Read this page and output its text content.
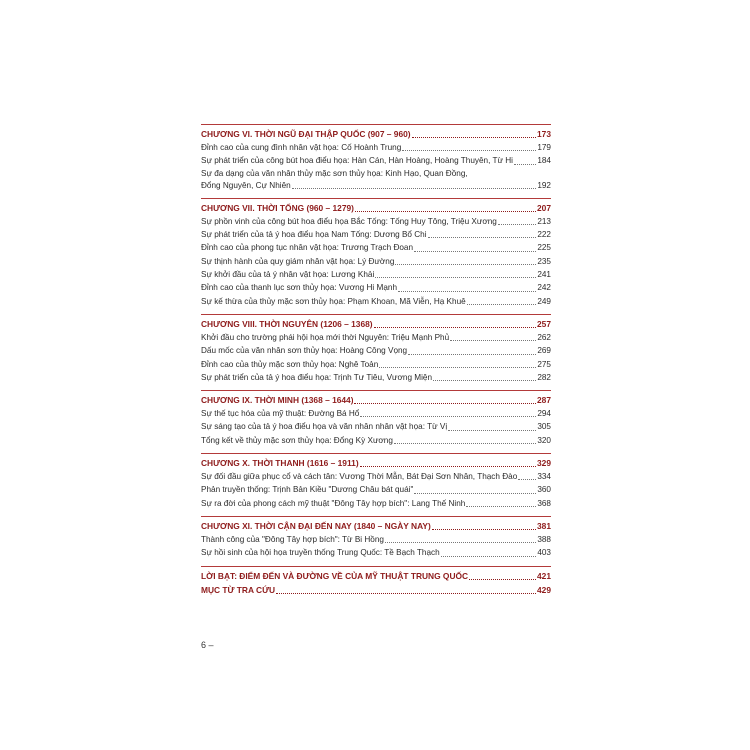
CHƯƠNG VI. THỜI NGŨ ĐẠI THẬP QUỐC (907 – 960)	173
Đỉnh cao của cung đình nhân vật họa: Cố Hoành Trung	179
Sự phát triển của công bút hoa điểu họa: Hàn Cán, Hàn Hoàng, Hoàng Thuyên, Từ Hi	184
Sự đa dạng của văn nhân thủy mặc sơn thủy họa: Kinh Hạo, Quan Đồng,
Đổng Nguyên, Cự Nhiên	192
CHƯƠNG VII. THỜI TỐNG (960 – 1279)	207
Sự phồn vinh của công bút hoa điểu họa Bắc Tống: Tống Huy Tông, Triệu Xương	213
Sự phát triển của tả ý hoa điểu họa Nam Tống: Dương Bổ Chi	222
Đỉnh cao của phong tục nhân vật họa: Trương Trạch Đoan	225
Sự thịnh hành của quy giám nhân vật họa: Lý Đường	235
Sự khởi đầu của tả ý nhân vật họa: Lương Khải	241
Đỉnh cao của thanh lục sơn thủy họa: Vương Hi Mạnh	242
Sự kế thừa của thủy mặc sơn thủy họa: Phạm Khoan, Mã Viễn, Hạ Khuê	249
CHƯƠNG VIII. THỜI NGUYÊN (1206 – 1368)	257
Khởi đầu cho trường phái hội họa mới thời Nguyên: Triệu Mạnh Phủ	262
Dấu mốc của văn nhân sơn thủy họa: Hoàng Công Vọng	269
Đỉnh cao của thủy mặc sơn thủy họa: Nghê Toản	275
Sự phát triển của tả ý hoa điểu họa: Trịnh Tư Tiêu, Vương Miện	282
CHƯƠNG IX. THỜI MINH (1368 – 1644)	287
Sự thế tục hóa của mỹ thuật: Đường Bá Hổ	294
Sự sáng tạo của tả ý hoa điểu họa và văn nhân nhân vật họa: Từ Vị	305
Tổng kết về thủy mặc sơn thủy họa: Đổng Kỳ Xương	320
CHƯƠNG X. THỜI THANH (1616 – 1911)	329
Sự đối đầu giữa phục cổ và cách tân: Vương Thời Mẫn, Bát Đại Sơn Nhân, Thạch Đào 334
Phản truyền thống: Trịnh Bản Kiều "Dương Châu bát quái"	360
Sự ra đời của phong cách mỹ thuật "Đông Tây hợp bích": Lang Thế Ninh	368
CHƯƠNG XI. THỜI CẬN ĐẠI ĐẾN NAY (1840 – NGÀY NAY)	381
Thành công của "Đông Tây hợp bích": Từ Bi Hồng	388
Sự hồi sinh của hội họa truyền thống Trung Quốc: Tề Bạch Thạch	403
LỜI BẠT: ĐIỂM ĐẾN VÀ ĐƯỜNG VỀ CỦA MỸ THUẬT TRUNG QUỐC	421
MỤC TỪ TRA CỨU	429
6 –
